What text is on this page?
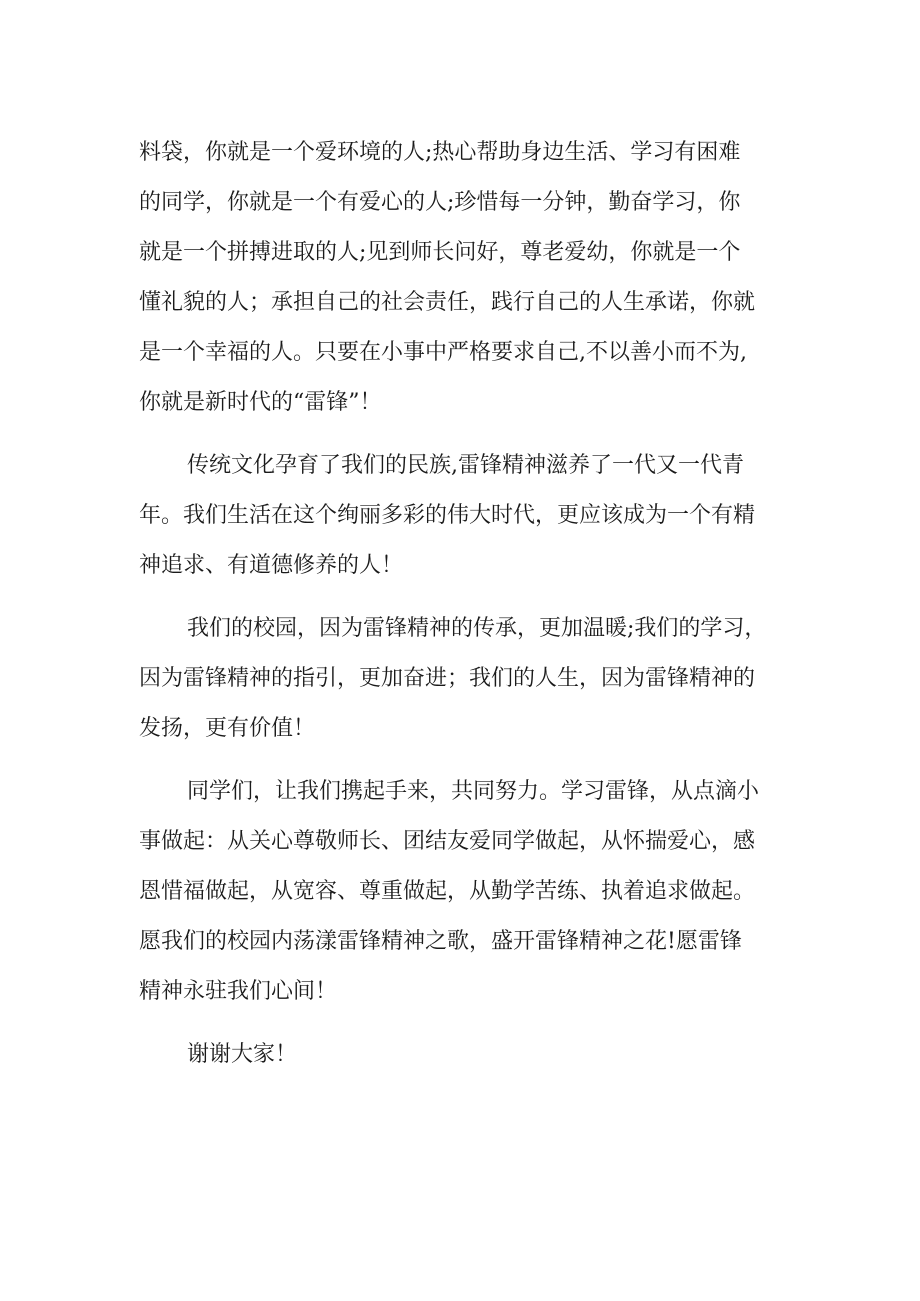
料袋，你就是一个爱环境的人;热心帮助身边生活、学习有困难
的同学，你就是一个有爱心的人;珍惜每一分钟，勤奋学习，你
就是一个拼搏进取的人;见到师长问好，尊老爱幼，你就是一个
懂礼貌的人；承担自己的社会责任，践行自己的人生承诺，你就
是一个幸福的人。只要在小事中严格要求自己,不以善小而不为,
你就是新时代的“雷锋”！

传统文化孕育了我们的民族,雷锋精神滋养了一代又一代青
年。我们生活在这个绚丽多彩的伟大时代，更应该成为一个有精
神追求、有道德修养的人！

我们的校园，因为雷锋精神的传承，更加温暖;我们的学习，
因为雷锋精神的指引，更加奋进；我们的人生，因为雷锋精神的
发扬，更有价值！

同学们，让我们携起手来，共同努力。学习雷锋，从点滴小
事做起：从关心尊敬师长、团结友爱同学做起，从怀揣爱心，感
恩惜福做起，从宽容、尊重做起，从勤学苦练、执着追求做起。
愿我们的校园内荡漾雷锋精神之歌，盛开雷锋精神之花!愿雷锋
精神永驻我们心间！

谢谢大家！
